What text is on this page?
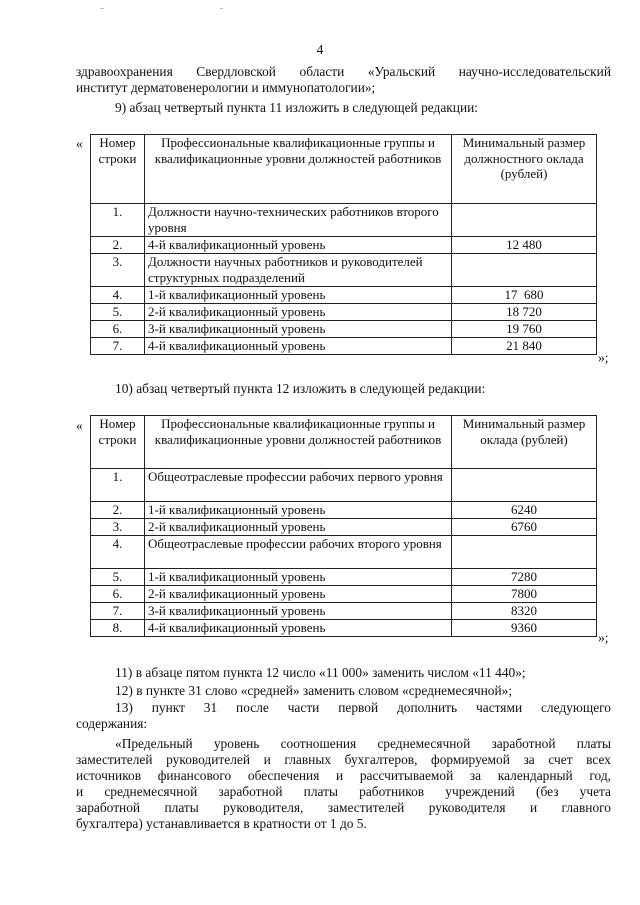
4
здравоохранения Свердловской области «Уральский научно-исследовательский
институт дерматовенерологии и иммунопатологии»;
9) абзац четвертый пункта 11 изложить в следующей редакции:
« Номер строки	Профессиональные квалификационные группы и квалификационные уровни должностей работников	Минимальный размер должностного оклада (рублей)
1.	Должности научно-технических работников второго уровня	
2.	4-й квалификационный уровень	12 480
3.	Должности научных работников и руководителей структурных подразделений	
4.	1-й квалификационный уровень	17  680
5.	2-й квалификационный уровень	18 720
6.	3-й квалификационный уровень	19 760
7.	4-й квалификационный уровень	21 840
»;
10) абзац четвертый пункта 12 изложить в следующей редакции:
« Номер строки	Профессиональные квалификационные группы и квалификационные уровни должностей работников	Минимальный размер оклада (рублей)
1.	Общеотраслевые профессии рабочих первого уровня	
2.	1-й квалификационный уровень	6240
3.	2-й квалификационный уровень	6760
4.	Общеотраслевые профессии рабочих второго уровня	
5.	1-й квалификационный уровень	7280
6.	2-й квалификационный уровень	7800
7.	3-й квалификационный уровень	8320
8.	4-й квалификационный уровень	9360
»;
11) в абзаце пятом пункта 12 число «11 000» заменить числом «11 440»;
12) в пункте 31 слово «средней» заменить словом «среднемесячной»;
13) пункт 31 после части первой дополнить частями следующего
содержания:
«Предельный уровень соотношения среднемесячной заработной платы
заместителей руководителей и главных бухгалтеров, формируемой за счет всех
источников финансового обеспечения и рассчитываемой за календарный год,
и среднемесячной заработной платы работников учреждений (без учета
заработной платы руководителя, заместителей руководителя и главного
бухгалтера) устанавливается в кратности от 1 до 5.
